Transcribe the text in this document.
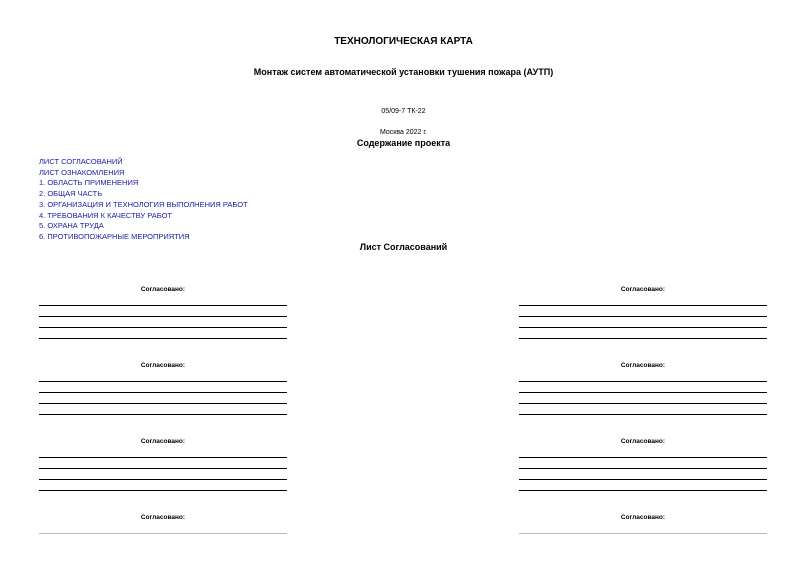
ТЕХНОЛОГИЧЕСКАЯ КАРТА
Монтаж систем автоматической установки тушения пожара (АУТП)
05/09-7 ТК-22
Москва 2022 г.
Содержание проекта
ЛИСТ СОГЛАСОВАНИЙ
ЛИСТ ОЗНАКОМЛЕНИЯ
1. ОБЛАСТЬ ПРИМЕНЕНИЯ
2. ОБЩАЯ ЧАСТЬ
3. ОРГАНИЗАЦИЯ И ТЕХНОЛОГИЯ ВЫПОЛНЕНИЯ РАБОТ
4. ТРЕБОВАНИЯ К КАЧЕСТВУ РАБОТ
5. ОХРАНА ТРУДА
6. ПРОТИВОПОЖАРНЫЕ МЕРОПРИЯТИЯ
Лист Согласований
Согласовано:
Согласовано:
Согласовано:
Согласовано:
Согласовано:
Согласовано:
Согласовано:
Согласовано:
